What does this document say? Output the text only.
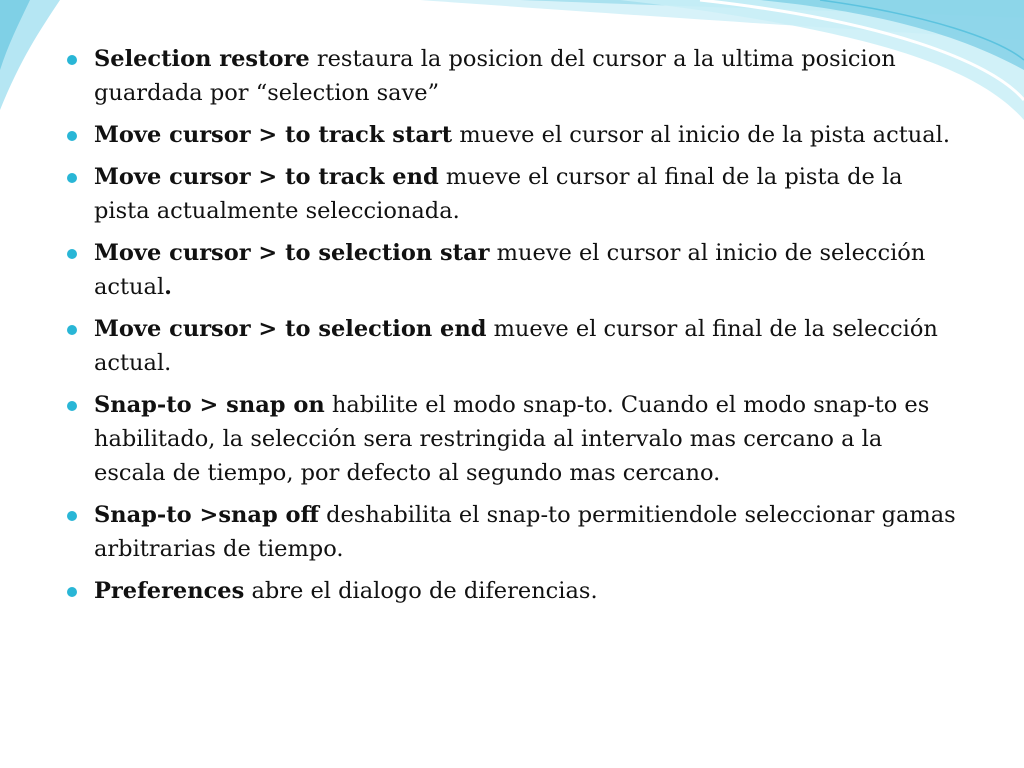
Selection restore restaura la posicion del cursor a la ultima posicion guardada por “selection save”
Move cursor > to track start mueve el cursor al inicio de la pista actual.
Move cursor > to track end mueve el cursor al final de la pista de la pista actualmente seleccionada.
Move cursor > to selection star mueve el cursor al inicio de selección actual.
Move cursor > to selection end mueve el cursor al final de la selección actual.
Snap-to > snap on habilite el modo snap-to. Cuando el modo snap-to es habilitado, la selección sera restringida al intervalo mas cercano a la escala de tiempo, por defecto al segundo mas cercano.
Snap-to >snap off deshabilita el snap-to permitiendole seleccionar gamas arbitrarias de tiempo.
Preferences abre el dialogo de diferencias.
